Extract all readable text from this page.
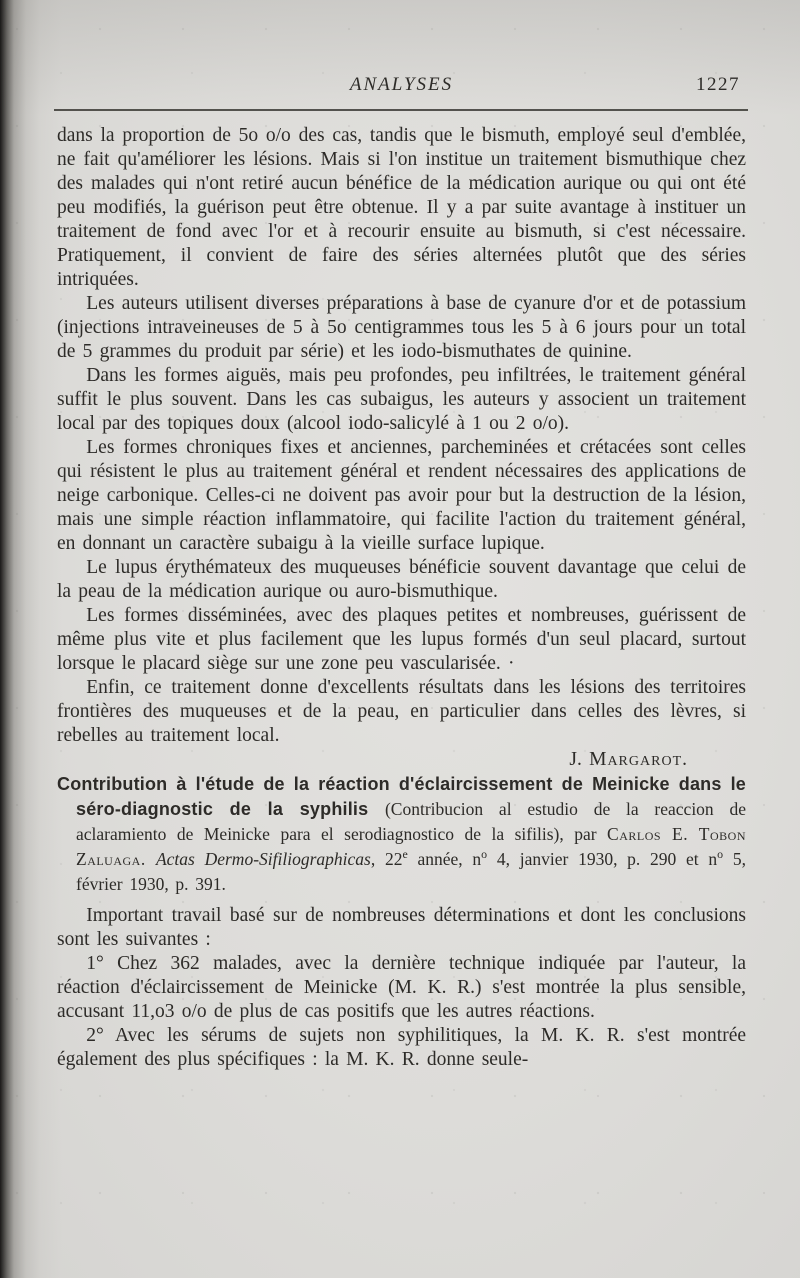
ANALYSES	1227

dans la proportion de 5o o/o des cas, tandis que le bismuth, employé seul d'emblée, ne fait qu'améliorer les lésions. Mais si l'on institue un traitement bismuthique chez des malades qui n'ont retiré aucun bénéfice de la médication aurique ou qui ont été peu modifiés, la guérison peut être obtenue. Il y a par suite avantage à instituer un traitement de fond avec l'or et à recourir ensuite au bismuth, si c'est nécessaire. Pratiquement, il convient de faire des séries alternées plutôt que des séries intriquées.

Les auteurs utilisent diverses préparations à base de cyanure d'or et de potassium (injections intraveineuses de 5 à 5o centigrammes tous les 5 à 6 jours pour un total de 5 grammes du produit par série) et les iodo-bismuthates de quinine.

Dans les formes aiguës, mais peu profondes, peu infiltrées, le traitement général suffit le plus souvent. Dans les cas subaigus, les auteurs y associent un traitement local par des topiques doux (alcool iodo-salicylé à 1 ou 2 o/o).

Les formes chroniques fixes et anciennes, parcheminées et crétacées sont celles qui résistent le plus au traitement général et rendent nécessaires des applications de neige carbonique. Celles-ci ne doivent pas avoir pour but la destruction de la lésion, mais une simple réaction inflammatoire, qui facilite l'action du traitement général, en donnant un caractère subaigu à la vieille surface lupique.

Le lupus érythémateux des muqueuses bénéficie souvent davantage que celui de la peau de la médication aurique ou auro-bismuthique.

Les formes disséminées, avec des plaques petites et nombreuses, guérissent de même plus vite et plus facilement que les lupus formés d'un seul placard, surtout lorsque le placard siège sur une zone peu vascularisée. ·

Enfin, ce traitement donne d'excellents résultats dans les lésions des territoires frontières des muqueuses et de la peau, en particulier dans celles des lèvres, si rebelles au traitement local.

J. Margarot.

Contribution à l'étude de la réaction d'éclaircissement de Meinicke dans le séro-diagnostic de la syphilis (Contribucion al estudio de la reaccion de aclaramiento de Meinicke para el serodiagnostico de la sifilis), par Carlos E. Tobon Zaluaga. Actas Dermo-Sifiliographicas, 22e année, $n^o$ 4, janvier 1930, p. 290 et $n^o$ 5, février 1930, p. 391.

Important travail basé sur de nombreuses déterminations et dont les conclusions sont les suivantes :

1° Chez 362 malades, avec la dernière technique indiquée par l'auteur, la réaction d'éclaircissement de Meinicke (M. K. R.) s'est montrée la plus sensible, accusant 11,o3 o/o de plus de cas positifs que les autres réactions.

2° Avec les sérums de sujets non syphilitiques, la M. K. R. s'est montrée également des plus spécifiques : la M. K. R. donne seule-
